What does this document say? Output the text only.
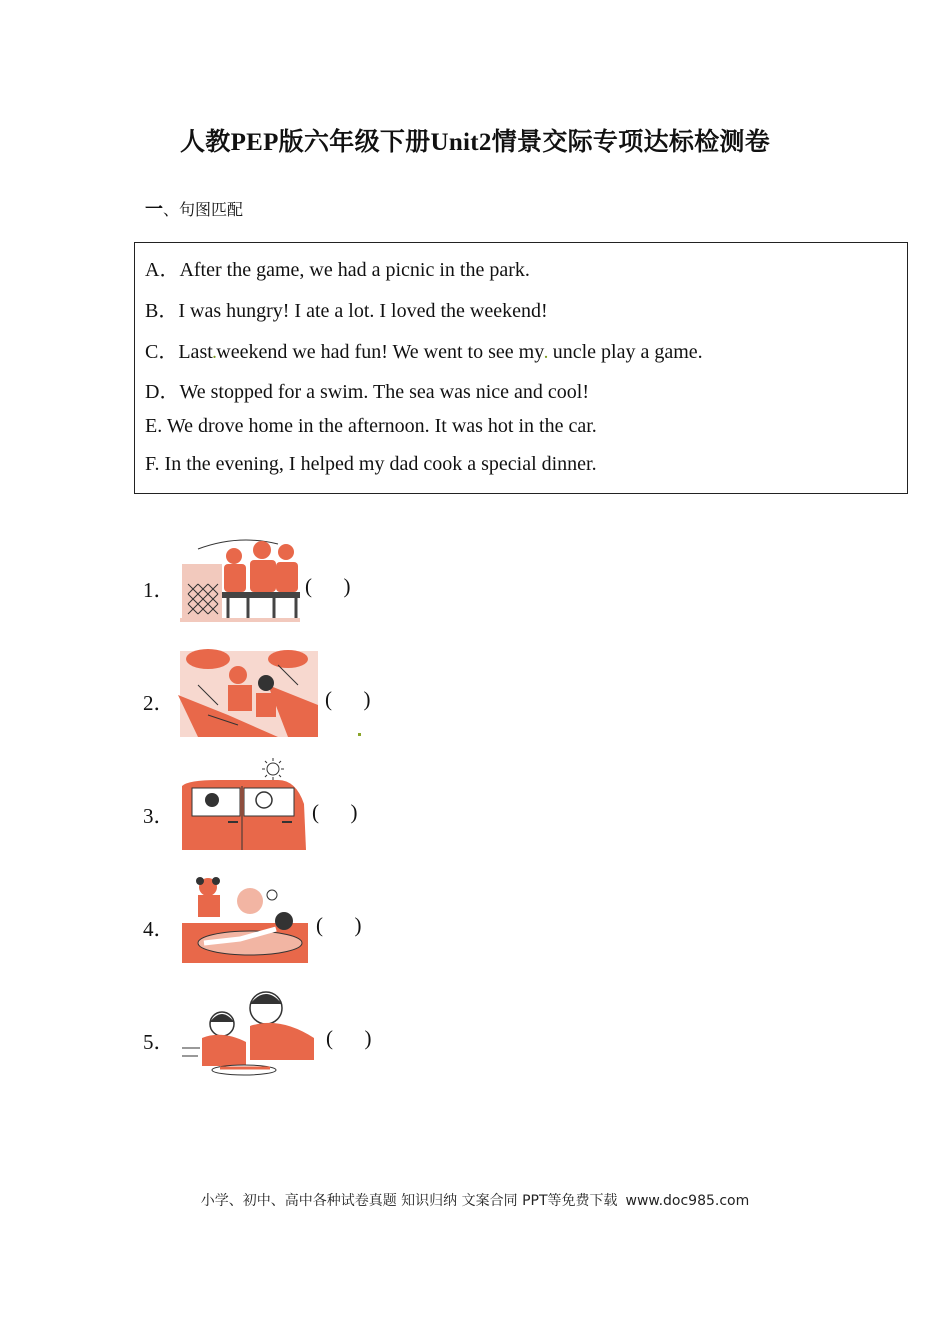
人教PEP版六年级下册Unit2情景交际专项达标检测卷
一、句图匹配
A．After the game, we had a picnic in the park.
B．I was hungry! I ate a lot. I loved the weekend!
C．Last.weekend we had fun! We went to see my. uncle play a game.
D．We stopped for a swim. The sea was nice and cool!
E. We drove home in the afternoon. It was hot in the car.
F. In the evening, I helped my dad cook a special dinner.
1．	(      )
2．	(      )
3．	(      )
4．	(      )
5．	(      )
小学、初中、高中各种试卷真题 知识归纳 文案合同 PPT等免费下载 www.doc985.com
